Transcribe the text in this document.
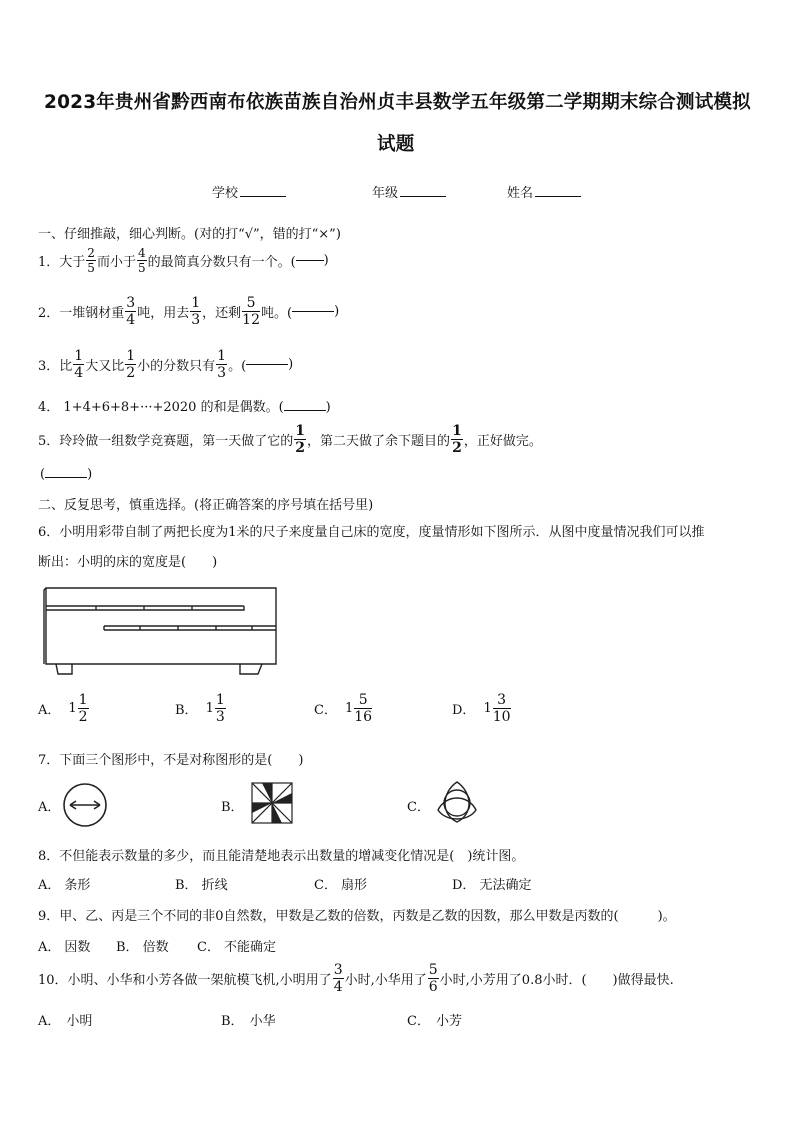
2023年贵州省黔西南布依族苗族自治州贞丰县数学五年级第二学期期末综合测试模拟
试题
学校	年级	姓名
一、仔细推敲，细心判断。(对的打“√”，错的打“×”)
1． 大于 $\frac{2}{5}$ 而小于 $\frac{4}{5}$ 的最简真分数只有一个。( )
2． 一堆钢材重 $\frac{3}{4}$ 吨，用去 $\frac{1}{3}$ ，还剩 $\frac{5}{12}$ 吨。(	)
3． 比 $\frac{1}{4}$ 大又比 $\frac{1}{2}$ 小的分数只有 $\frac{1}{3}$ 。(	)
4． 1+4+6+8+···+2020 的和是偶数。(	)
5． 玲玲做一组数学竞赛题，第一天做了它的 $\frac{1}{2}$ ，第二天做了余下题目的 $\frac{1}{2}$ ，正好做完。
(	)
二、反复思考，慎重选择。(将正确答案的序号填在括号里)
6．小明用彩带自制了两把长度为1米的尺子来度量自己床的宽度，度量情形如下图所示．从图中度量情况我们可以推
断出：小明的床的宽度是(　　)
A． $1 \frac{1}{2}$	B． $1 \frac{1}{3}$	C． $1 \frac{5}{16}$	D． $1 \frac{3}{10}$
7．下面三个图形中，不是对称图形的是(　　)
A．	B．	C．
8．不但能表示数量的多少，而且能清楚地表示出数量的增减变化情况是(　)统计图。
A． 条形	B． 折线	C． 扇形	D． 无法确定
9．甲、乙、丙是三个不同的非0自然数，甲数是乙数的倍数，丙数是乙数的因数，那么甲数是丙数的(　　　)。
A． 因数 B． 倍数 C． 不能确定
10．小明、小华和小芳各做一架航模飞机,小明用了 $\frac{3}{4}$ 小时,小华用了 $\frac{5}{6}$ 小时,小芳用了0.8小时．(　　)做得最快.
A． 小明	B． 小华	C． 小芳
